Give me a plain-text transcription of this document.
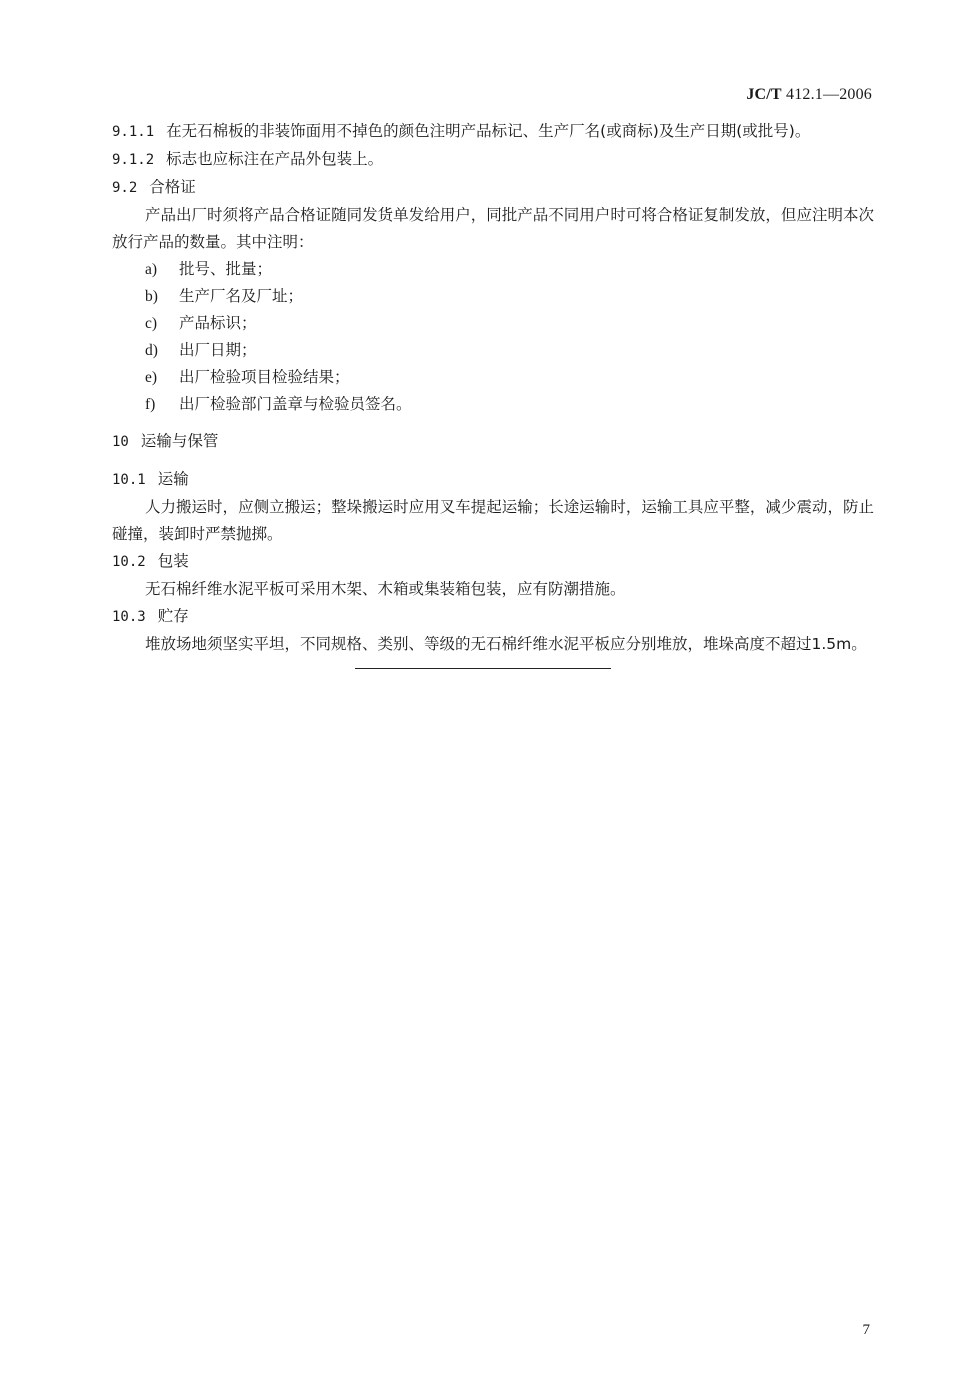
JC/T 412.1—2006
9.1.1 在无石棉板的非装饰面用不掉色的颜色注明产品标记、生产厂名(或商标)及生产日期(或批号)。
9.1.2 标志也应标注在产品外包装上。
9.2 合格证
产品出厂时须将产品合格证随同发货单发给用户，同批产品不同用户时可将合格证复制发放，但应注明本次放行产品的数量。其中注明：
a) 批号、批量；
b) 生产厂名及厂址；
c) 产品标识；
d) 出厂日期；
e) 出厂检验项目检验结果；
f) 出厂检验部门盖章与检验员签名。
10 运输与保管
10.1 运输
人力搬运时，应侧立搬运；整垛搬运时应用叉车提起运输；长途运输时，运输工具应平整，减少震动，防止碰撞，装卸时严禁抛掷。
10.2 包装
无石棉纤维水泥平板可采用木架、木箱或集装箱包装，应有防潮措施。
10.3 贮存
堆放场地须坚实平坦，不同规格、类别、等级的无石棉纤维水泥平板应分别堆放，堆垛高度不超过1.5m。
7
